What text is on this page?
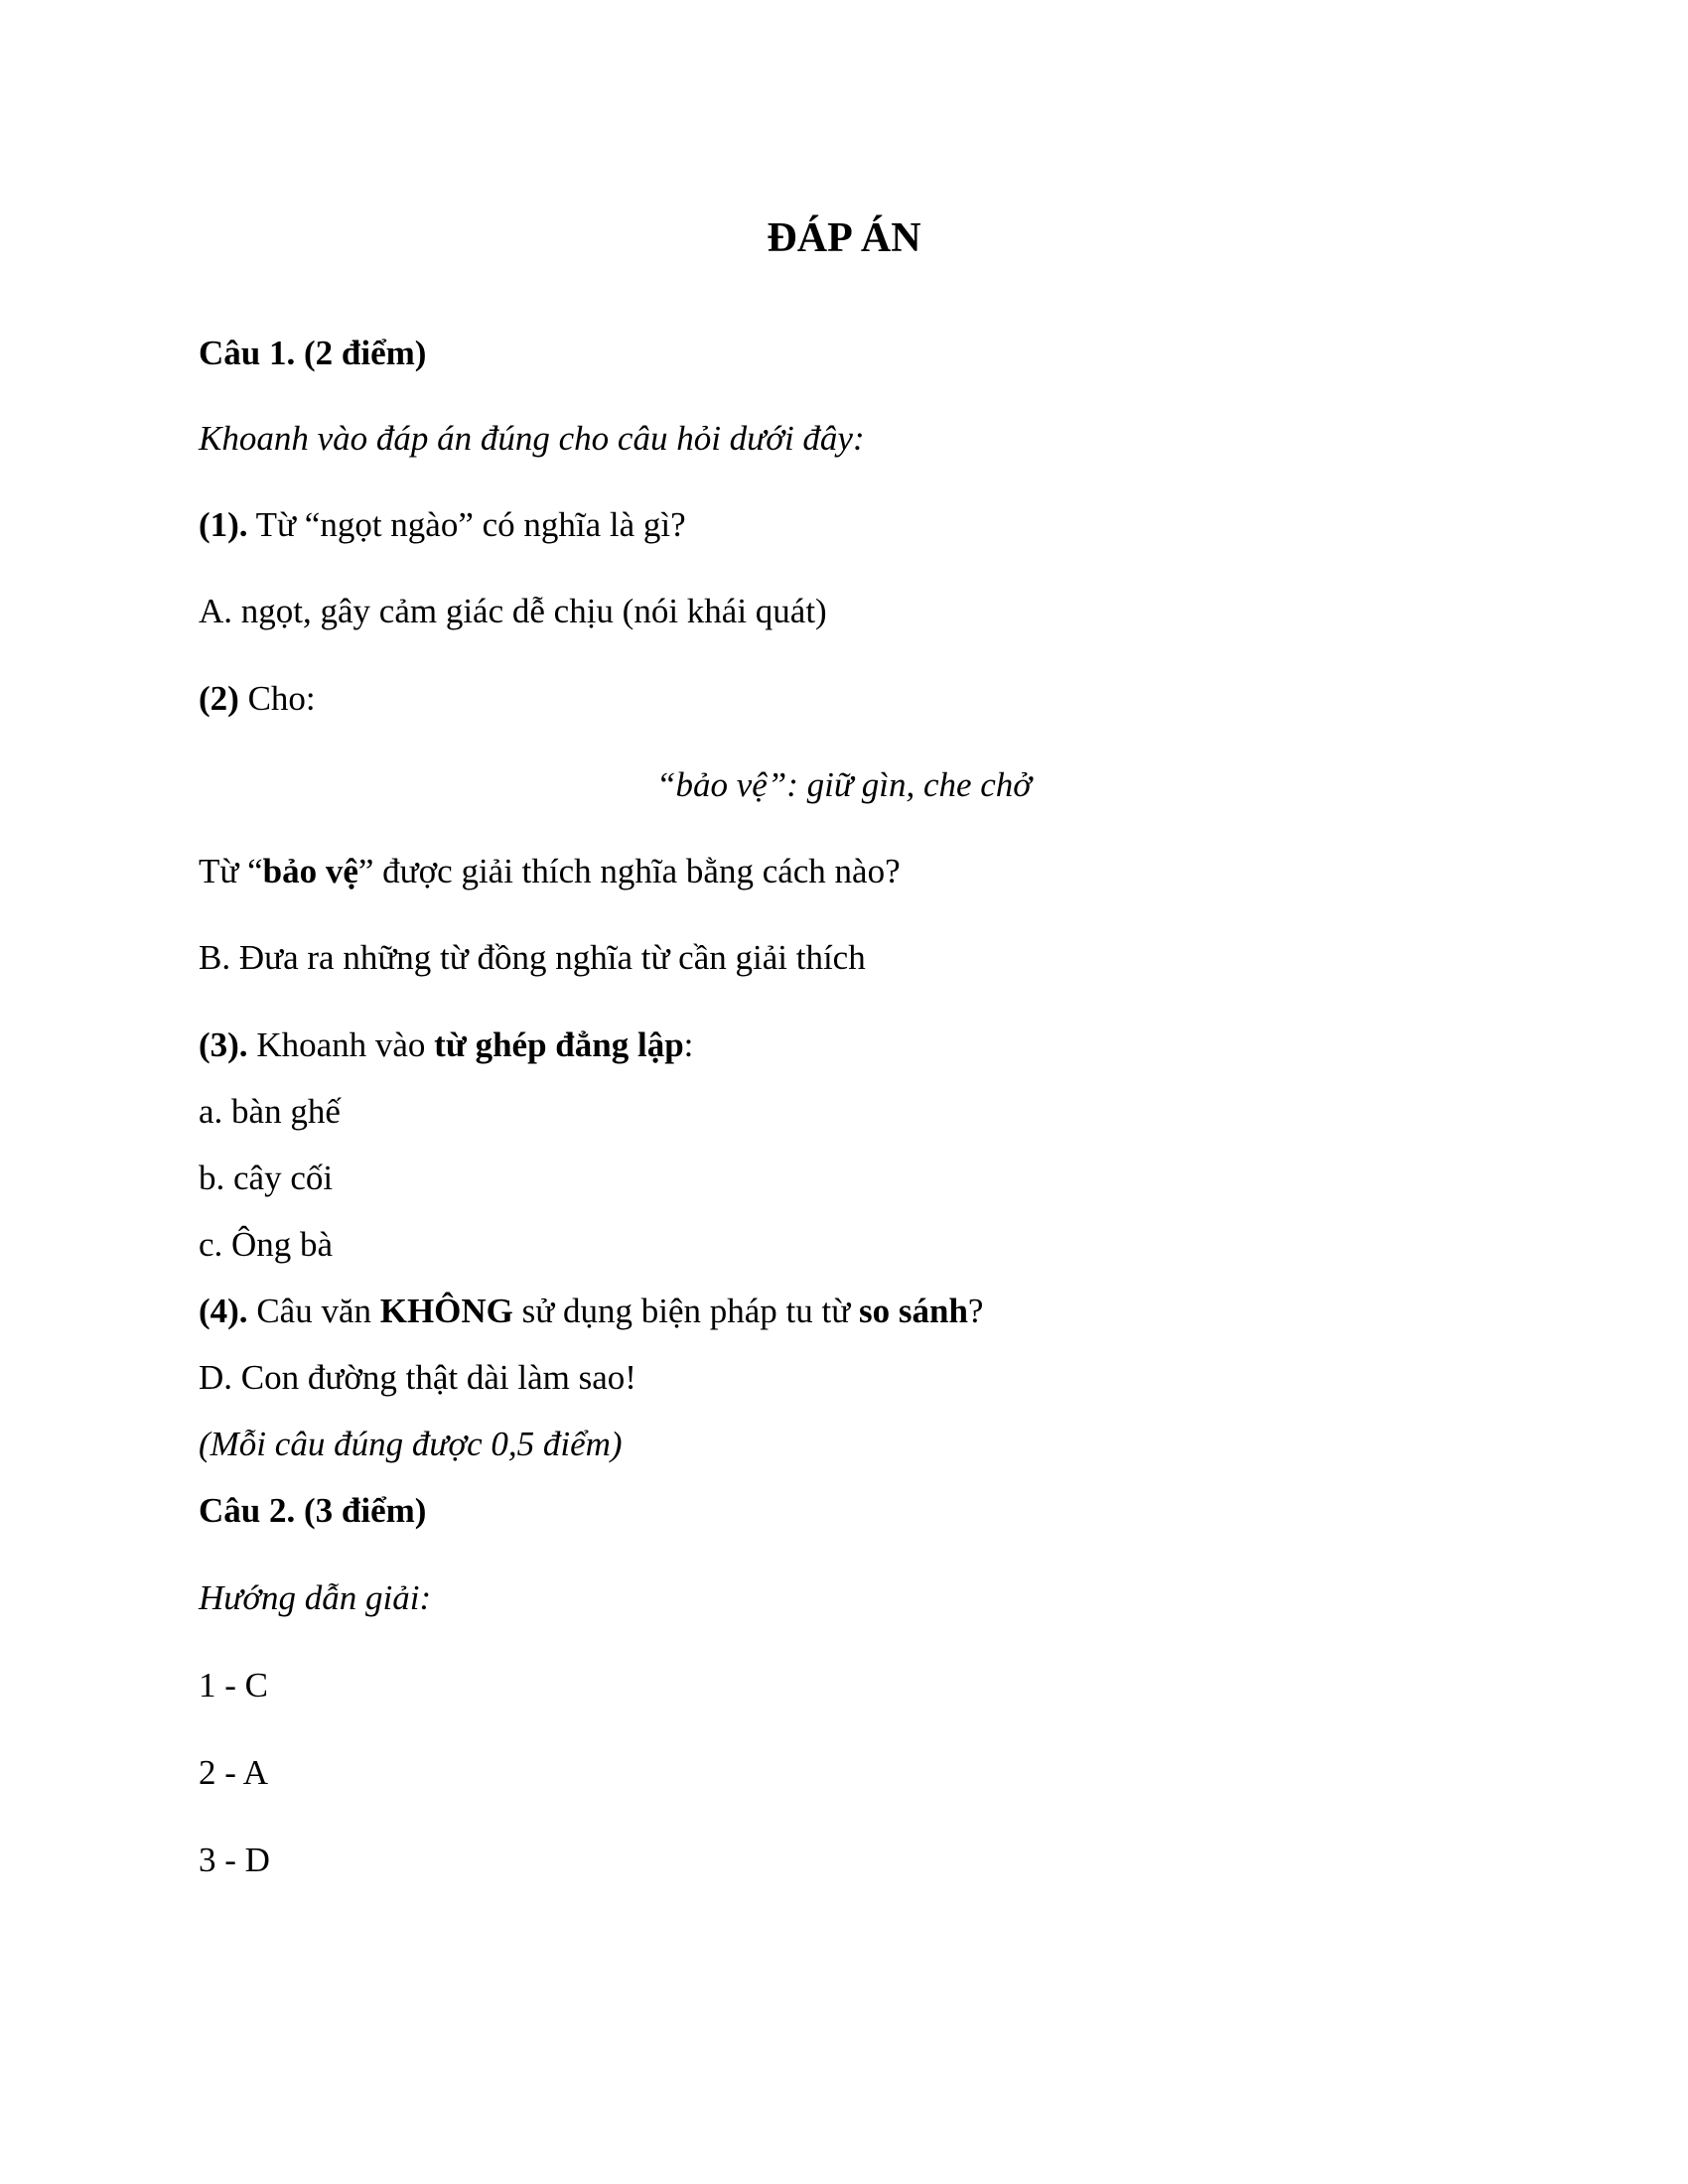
ĐÁP ÁN
Câu 1. (2 điểm)
Khoanh vào đáp án đúng cho câu hỏi dưới đây:
(1). Từ “ngọt ngào” có nghĩa là gì?
A. ngọt, gây cảm giác dễ chịu (nói khái quát)
(2) Cho:
“bảo vệ”: giữ gìn, che chở
Từ “bảo vệ” được giải thích nghĩa bằng cách nào?
B. Đưa ra những từ đồng nghĩa từ cần giải thích
(3). Khoanh vào từ ghép đẳng lập:
a. bàn ghế
b. cây cối
c. Ông bà
(4). Câu văn KHÔNG sử dụng biện pháp tu từ so sánh?
D. Con đường thật dài làm sao!
(Mỗi câu đúng được 0,5 điểm)
Câu 2. (3 điểm)
Hướng dẫn giải:
1 - C
2 - A
3 - D
